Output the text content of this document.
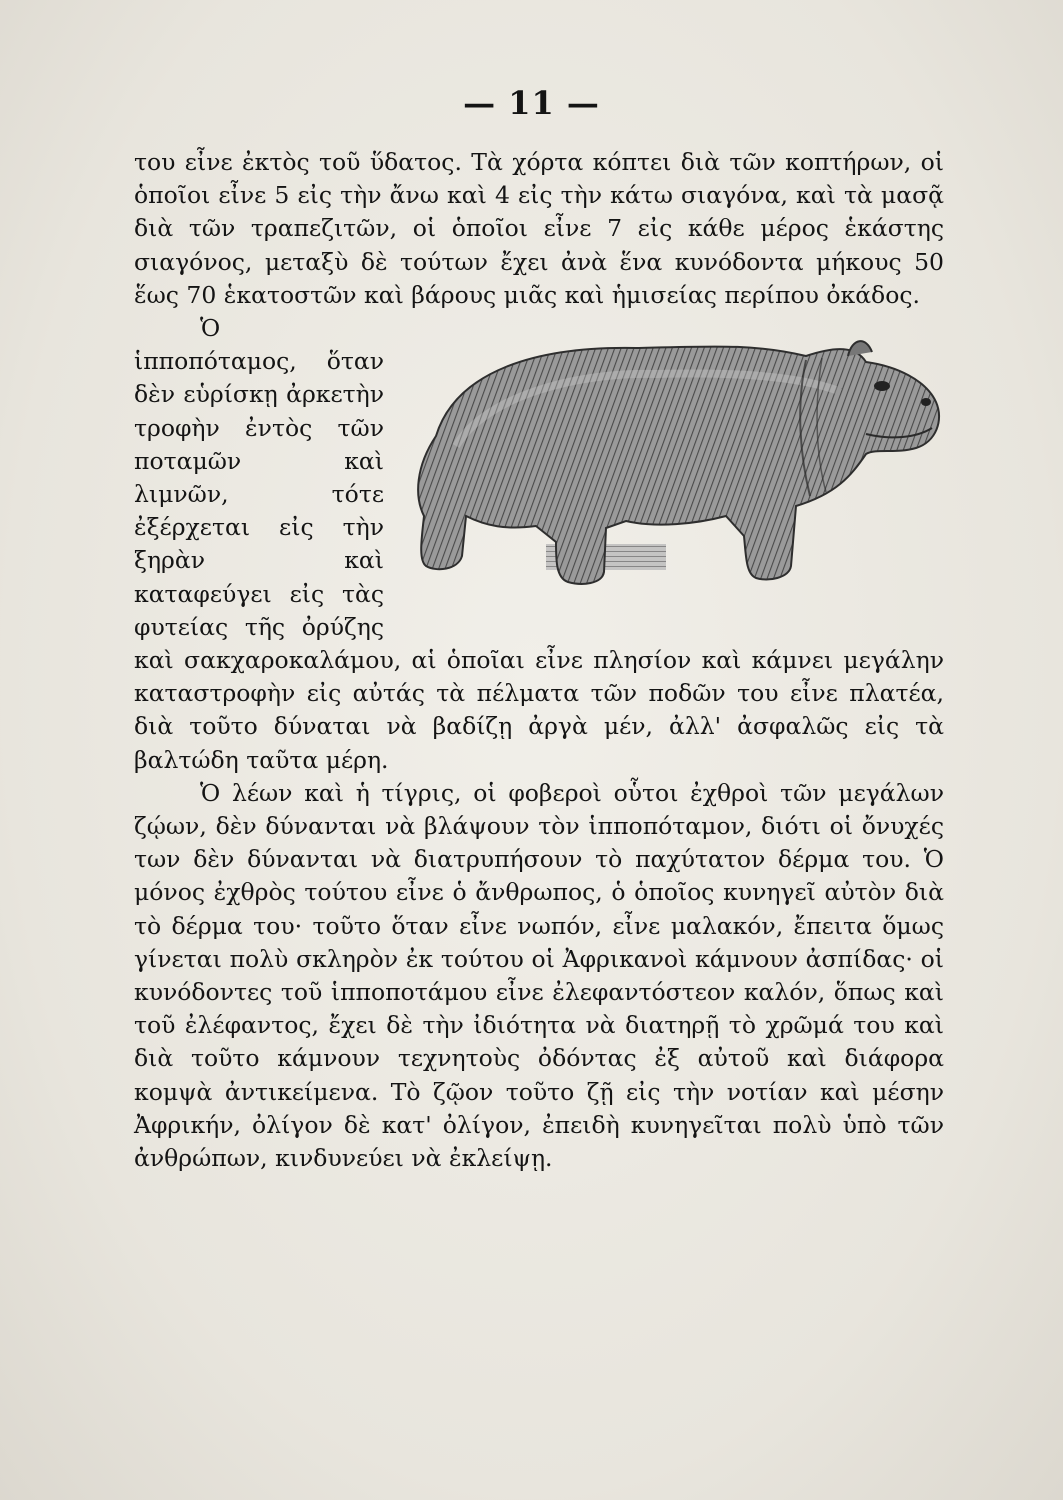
— 11 —

του εἶνε ἐκτὸς τοῦ ὕδατος. Τὰ χόρτα κόπτει διὰ τῶν κοπτήρων, οἱ ὁποῖοι εἶνε 5 εἰς τὴν ἄνω καὶ 4 εἰς τὴν κάτω σιαγόνα, καὶ τὰ μασᾷ διὰ τῶν τραπεζιτῶν, οἱ ὁποῖοι εἶνε 7 εἰς κάθε μέρος ἑκάστης σιαγόνος, μεταξὺ δὲ τούτων ἔχει ἀνὰ ἕνα κυνόδοντα μήκους 50 ἕως 70 ἑκατοστῶν καὶ βάρους μιᾶς καὶ ἡμισείας περίπου ὀκάδος.

Ὁ ἱπποπόταμος, ὅταν δὲν εὑρίσκῃ ἀρκετὴν τροφὴν ἐντὸς τῶν ποταμῶν καὶ λιμνῶν, τότε ἐξέρχεται εἰς τὴν ξηρὰν καὶ καταφεύγει εἰς τὰς φυτείας τῆς ὀρύζης καὶ σακχαροκαλάμου, αἱ ὁποῖαι εἶνε πλησίον καὶ κάμνει μεγάλην καταστροφὴν εἰς αὐτάς τὰ πέλματα τῶν ποδῶν του εἶνε πλατέα, διὰ τοῦτο δύναται νὰ βαδίζῃ ἀργὰ μέν, ἀλλ' ἀσφαλῶς εἰς τὰ βαλτώδη ταῦτα μέρη.

Ὁ λέων καὶ ἡ τίγρις, οἱ φοβεροὶ οὗτοι ἐχθροὶ τῶν μεγάλων ζῴων, δὲν δύνανται νὰ βλάψουν τὸν ἱπποπόταμον, διότι οἱ ὄνυχές των δὲν δύνανται νὰ διατρυπήσουν τὸ παχύτατον δέρμα του. Ὁ μόνος ἐχθρὸς τούτου εἶνε ὁ ἄνθρωπος, ὁ ὁποῖος κυνηγεῖ αὐτὸν διὰ τὸ δέρμα του· τοῦτο ὅταν εἶνε νωπόν, εἶνε μαλακόν, ἔπειτα ὅμως γίνεται πολὺ σκληρὸν ἐκ τούτου οἱ Ἀφρικανοὶ κάμνουν ἀσπίδας· οἱ κυνόδοντες τοῦ ἱπποποτάμου εἶνε ἐλεφαντόστεον καλόν, ὅπως καὶ τοῦ ἐλέφαντος, ἔχει δὲ τὴν ἰδιότητα νὰ διατηρῇ τὸ χρῶμά του καὶ διὰ τοῦτο κάμνουν τεχνητοὺς ὀδόντας ἐξ αὐτοῦ καὶ διάφορα κομψὰ ἀντικείμενα. Τὸ ζῷον τοῦτο ζῇ εἰς τὴν νοτίαν καὶ μέσην Ἀφρικήν, ὀλίγον δὲ κατ' ὀλίγον, ἐπειδὴ κυνηγεῖται πολὺ ὑπὸ τῶν ἀνθρώπων, κινδυνεύει νὰ ἐκλείψῃ.
